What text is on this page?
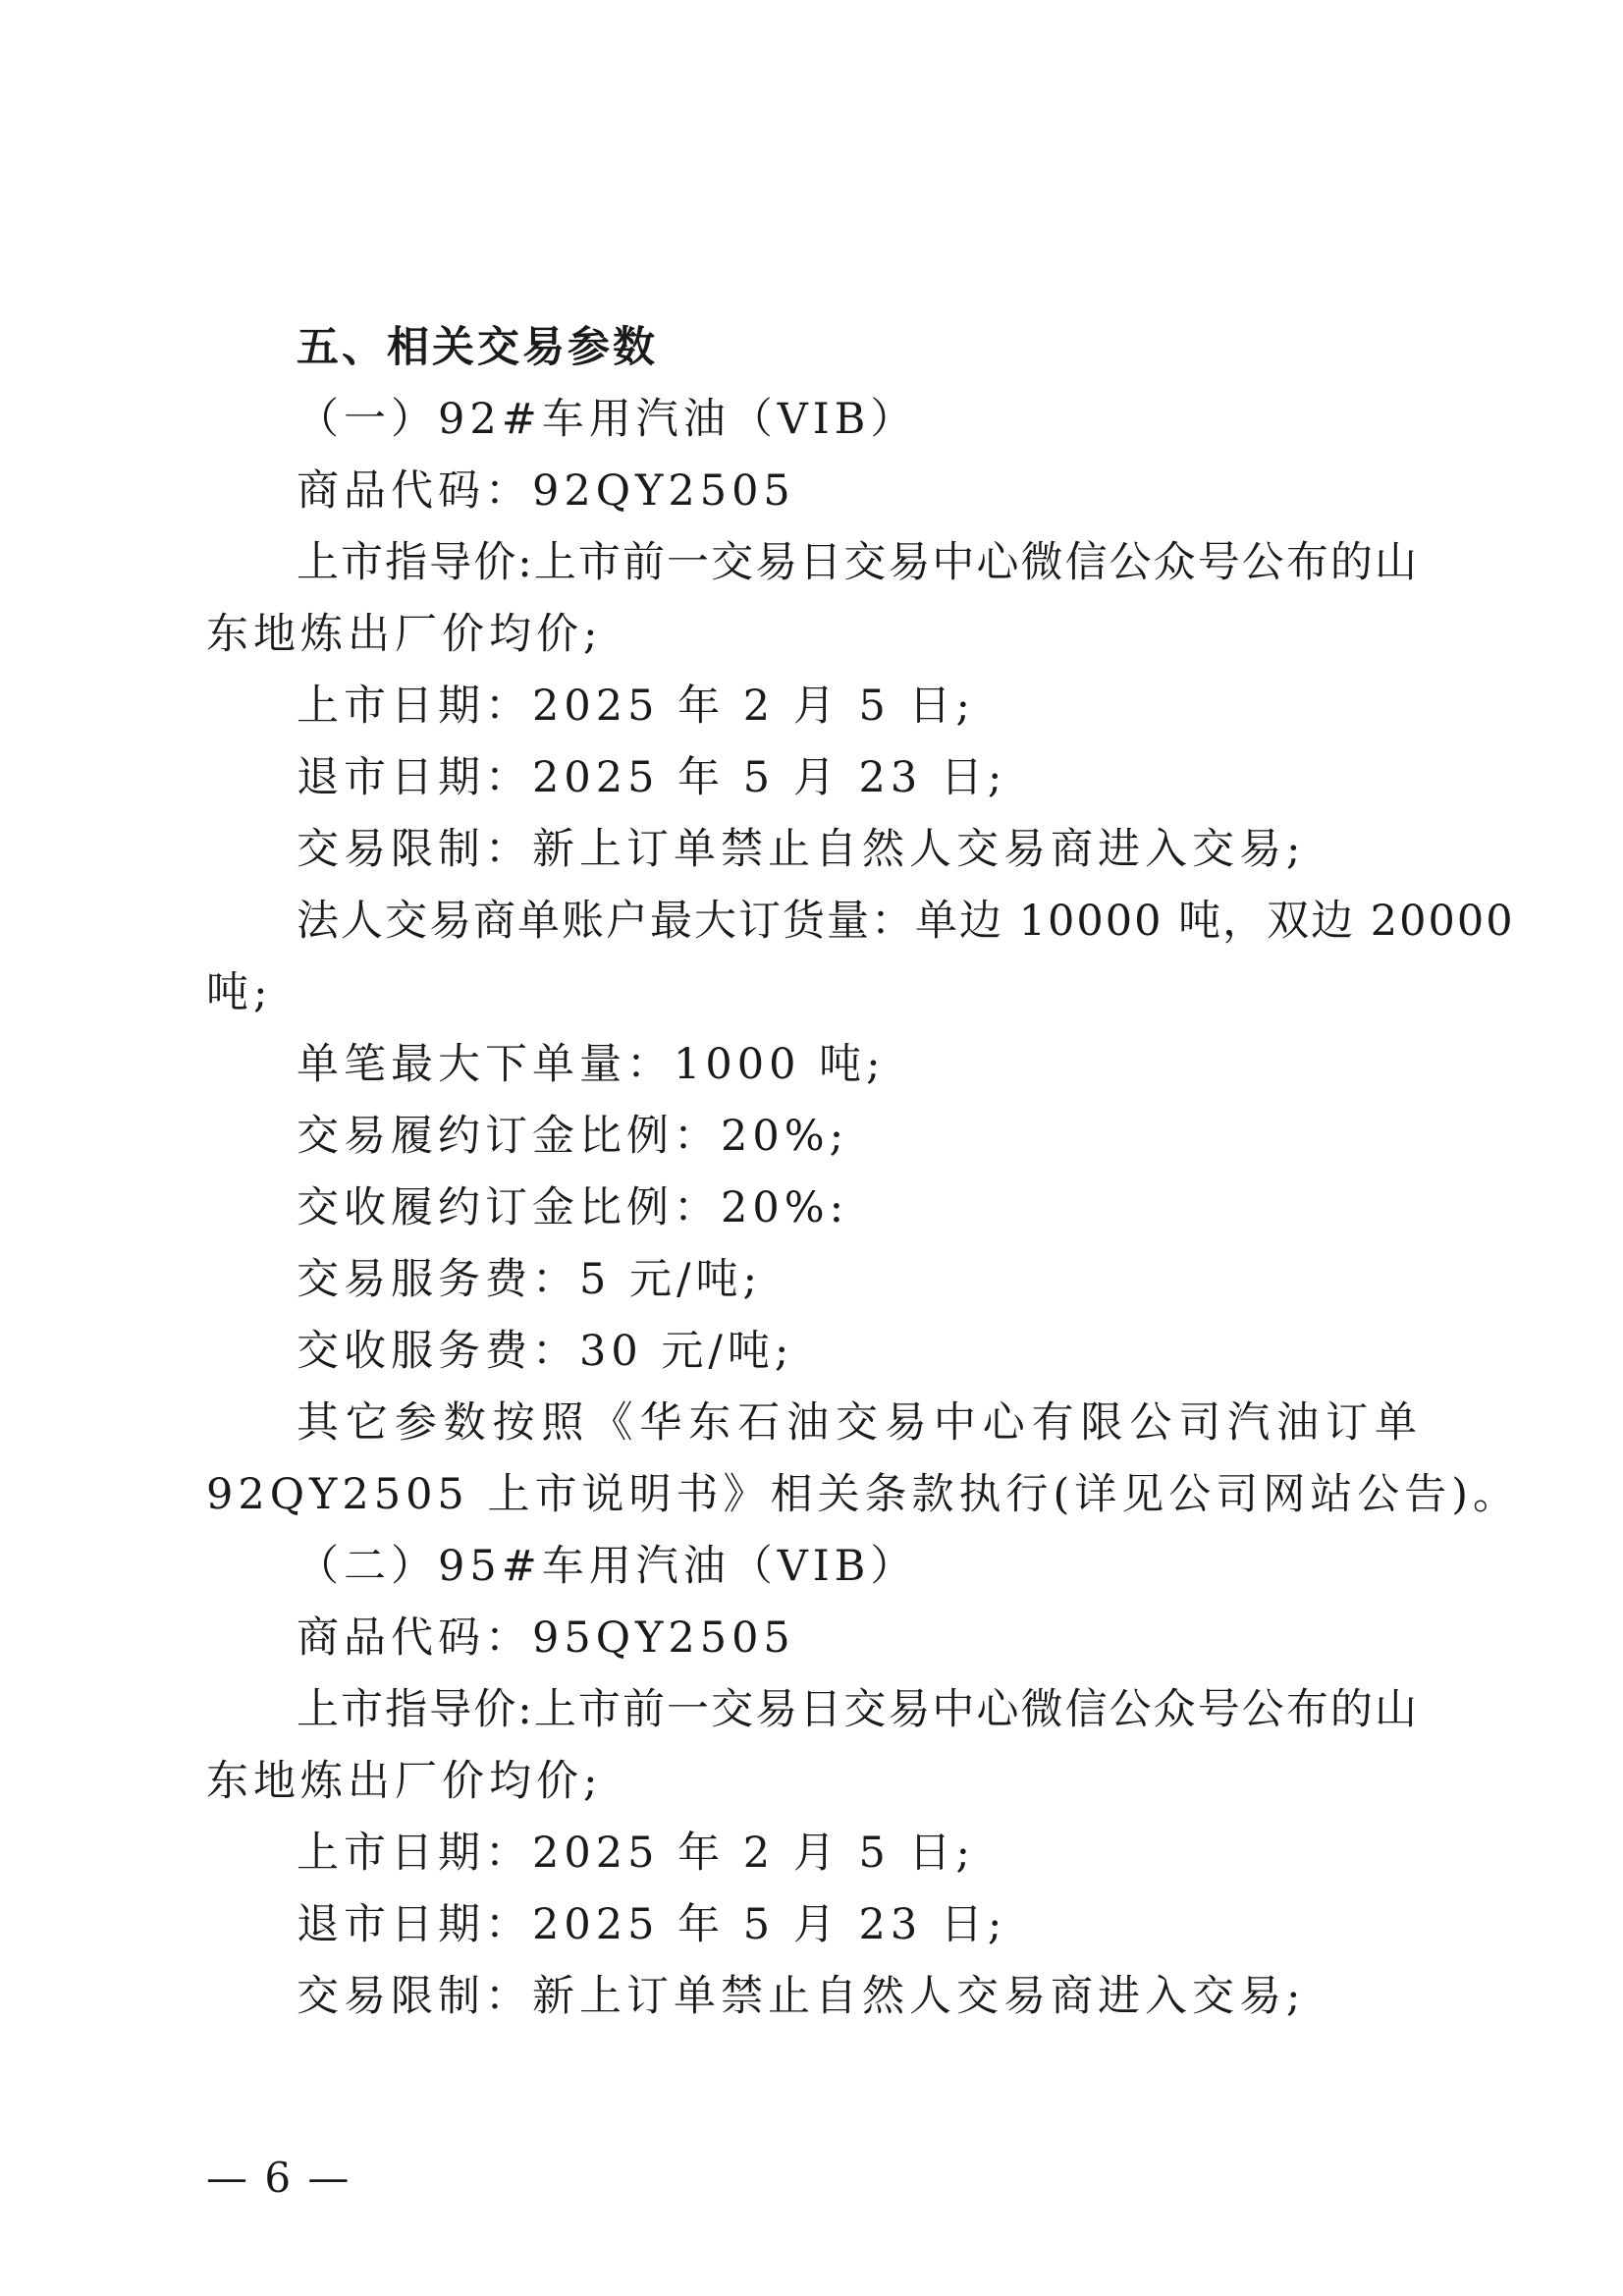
五、相关交易参数
（一）92#车用汽油（VIB）
商品代码：92QY2505
上市指导价:上市前一交易日交易中心微信公众号公布的山
东地炼出厂价均价;
上市日期：2025 年 2 月 5 日;
退市日期：2025 年 5 月 23 日;
交易限制：新上订单禁止自然人交易商进入交易;
法人交易商单账户最大订货量：单边 10000 吨，双边 20000
吨;
单笔最大下单量：1000 吨;
交易履约订金比例：20%;
交收履约订金比例：20%:
交易服务费：5 元/吨;
交收服务费：30 元/吨;
其它参数按照《华东石油交易中心有限公司汽油订单
92QY2505 上市说明书》相关条款执行(详见公司网站公告)。
（二）95#车用汽油（VIB）
商品代码：95QY2505
上市指导价:上市前一交易日交易中心微信公众号公布的山
东地炼出厂价均价;
上市日期：2025 年 2 月 5 日;
退市日期：2025 年 5 月 23 日;
交易限制：新上订单禁止自然人交易商进入交易;
— 6 —
